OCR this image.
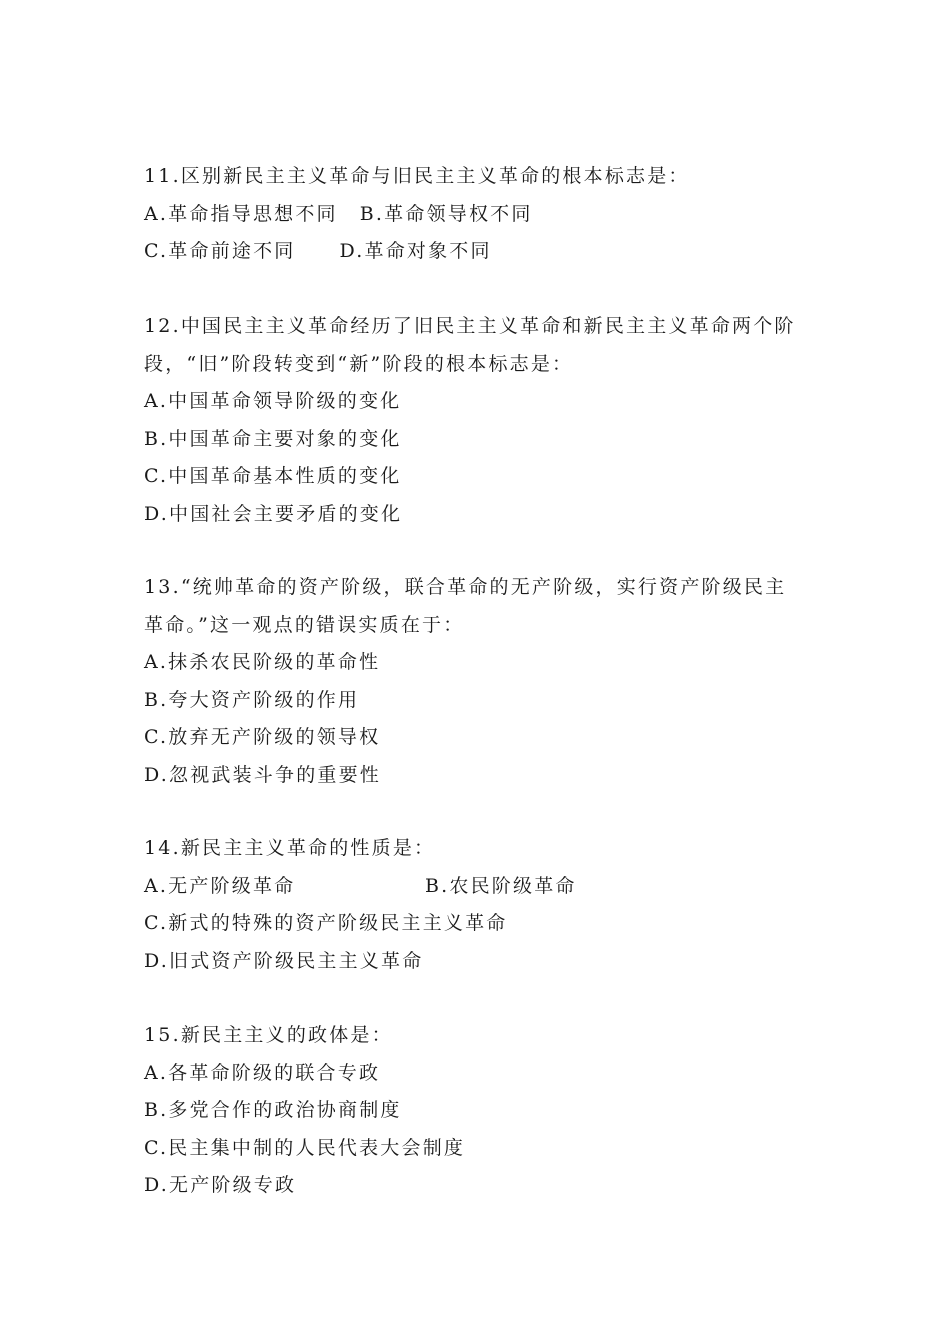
11.区别新民主主义革命与旧民主主义革命的根本标志是：
A.革命指导思想不同 B.革命领导权不同
C.革命前途不同 D.革命对象不同
12.中国民主主义革命经历了旧民主主义革命和新民主主义革命两个阶
段，“旧”阶段转变到“新”阶段的根本标志是：
A.中国革命领导阶级的变化
B.中国革命主要对象的变化
C.中国革命基本性质的变化
D.中国社会主要矛盾的变化
13.“统帅革命的资产阶级，联合革命的无产阶级，实行资产阶级民主
革命。”这一观点的错误实质在于：
A.抹杀农民阶级的革命性
B.夸大资产阶级的作用
C.放弃无产阶级的领导权
D.忽视武装斗争的重要性
14.新民主主义革命的性质是：
A.无产阶级革命	B.农民阶级革命
C.新式的特殊的资产阶级民主主义革命
D.旧式资产阶级民主主义革命
15.新民主主义的政体是：
A.各革命阶级的联合专政
B.多党合作的政治协商制度
C.民主集中制的人民代表大会制度
D.无产阶级专政
